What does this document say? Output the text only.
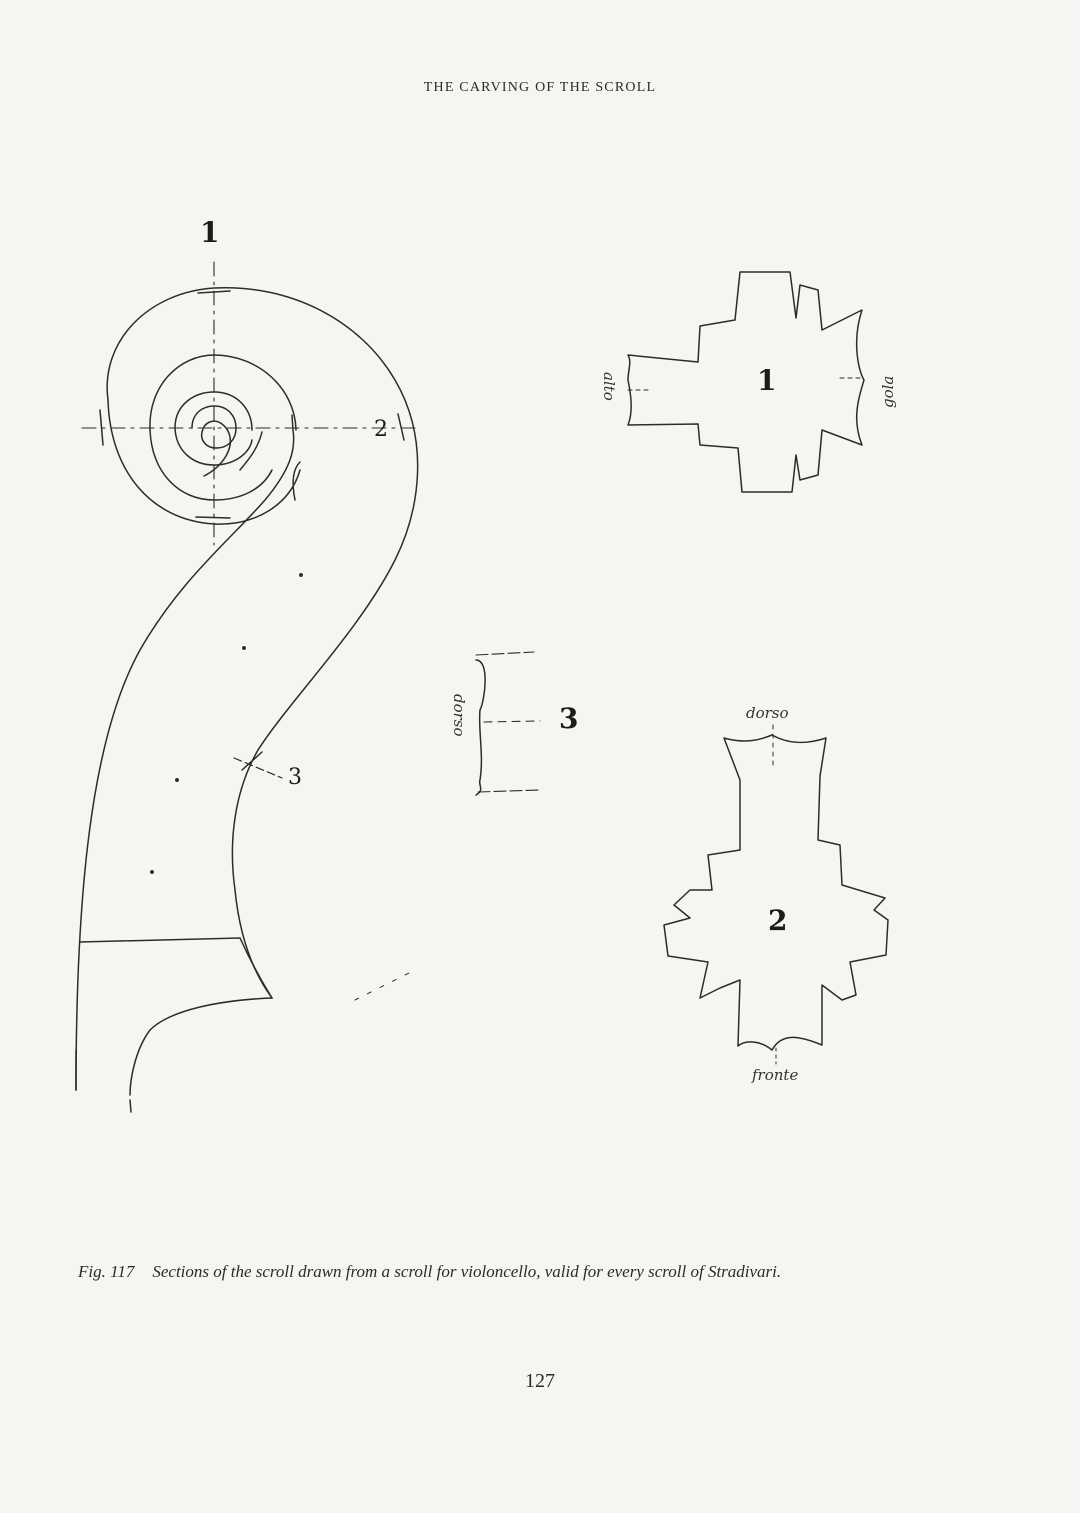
THE CARVING OF THE SCROLL
1
2
3
1
alto	gola
3
dorso
2
dorso
fronte
Fig. 117 Sections of the scroll drawn from a scroll for violoncello, valid for every scroll of Stradivari.
127
